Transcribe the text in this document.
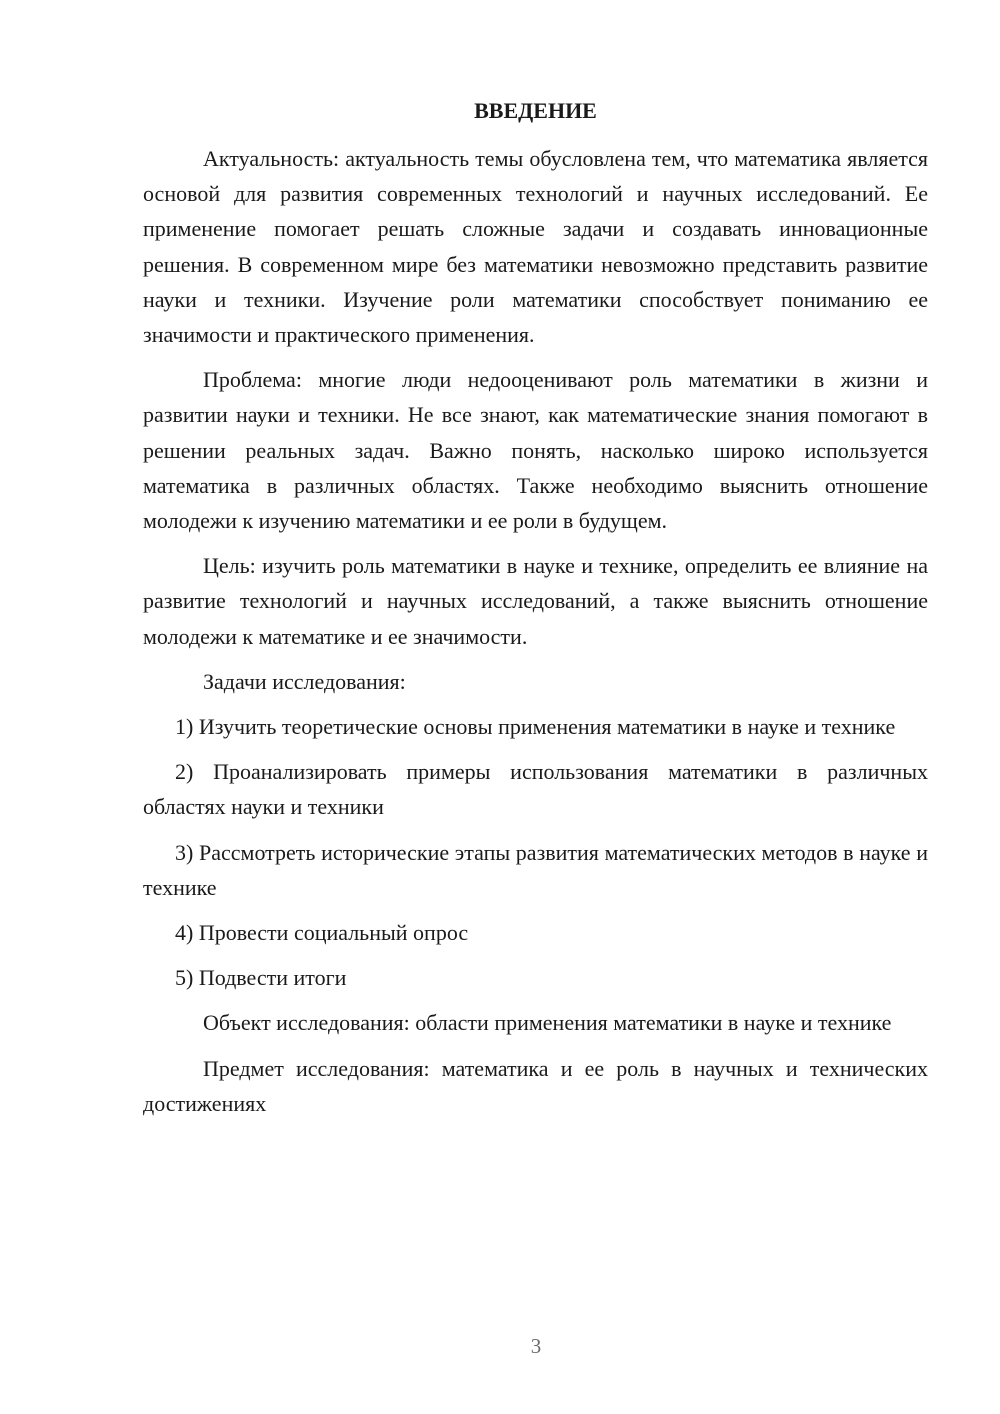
ВВЕДЕНИЕ

Актуальность: актуальность темы обусловлена тем, что математика является основой для развития современных технологий и научных исследований. Ее применение помогает решать сложные задачи и создавать инновационные решения. В современном мире без математики невозможно представить развитие науки и техники. Изучение роли математики способствует пониманию ее значимости и практического применения.

Проблема: многие люди недооценивают роль математики в жизни и развитии науки и техники. Не все знают, как математические знания помогают в решении реальных задач. Важно понять, насколько широко используется математика в различных областях. Также необходимо выяснить отношение молодежи к изучению математики и ее роли в будущем.

Цель: изучить роль математики в науке и технике, определить ее влияние на развитие технологий и научных исследований, а также выяснить отношение молодежи к математике и ее значимости.

Задачи исследования:

1) Изучить теоретические основы применения математики в науке и технике

2) Проанализировать примеры использования математики в различных областях науки и техники

3) Рассмотреть исторические этапы развития математических методов в науке и технике

4) Провести социальный опрос

5) Подвести итоги

Объект исследования: области применения математики в науке и технике

Предмет исследования: математика и ее роль в научных и технических достижениях

3
